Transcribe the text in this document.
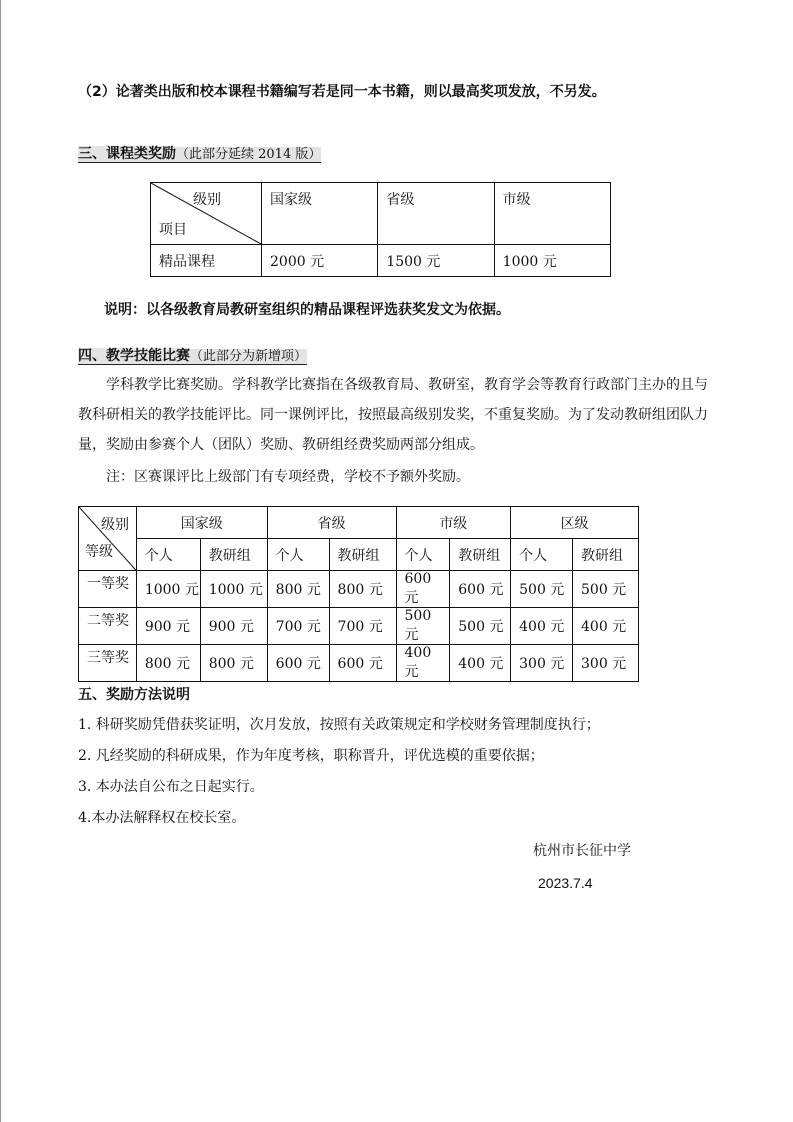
（2）论著类出版和校本课程书籍编写若是同一本书籍，则以最高奖项发放，不另发。
三、课程类奖励（此部分延续 2014 版）
级别
项目	国家级	省级	市级
精品课程	2000 元	1500 元	1000 元
说明：以各级教育局教研室组织的精品课程评选获奖发文为依据。
四、教学技能比赛（此部分为新增项）
学科教学比赛奖励。学科教学比赛指在各级教育局、教研室，教育学会等教育行政部门主办的且与教科研相关的教学技能评比。同一课例评比，按照最高级别发奖，不重复奖励。为了发动教研组团队力量，奖励由参赛个人（团队）奖励、教研组经费奖励两部分组成。
注：区赛课评比上级部门有专项经费，学校不予额外奖励。
级别
等级	国家级		省级		市级		区级	
	个人	教研组	个人	教研组	个人	教研组	个人	教研组
一等奖	1000 元	1000 元	800 元	800 元	600 元	600 元	500 元	500 元
二等奖	900 元	900 元	700 元	700 元	500 元	500 元	400 元	400 元
三等奖	800 元	800 元	600 元	600 元	400 元	400 元	300 元	300 元
五、奖励方法说明
1. 科研奖励凭借获奖证明，次月发放，按照有关政策规定和学校财务管理制度执行；
2. 凡经奖励的科研成果，作为年度考核，职称晋升，评优选模的重要依据；
3. 本办法自公布之日起实行。
4.本办法解释权在校长室。
杭州市长征中学
2023.7.4
